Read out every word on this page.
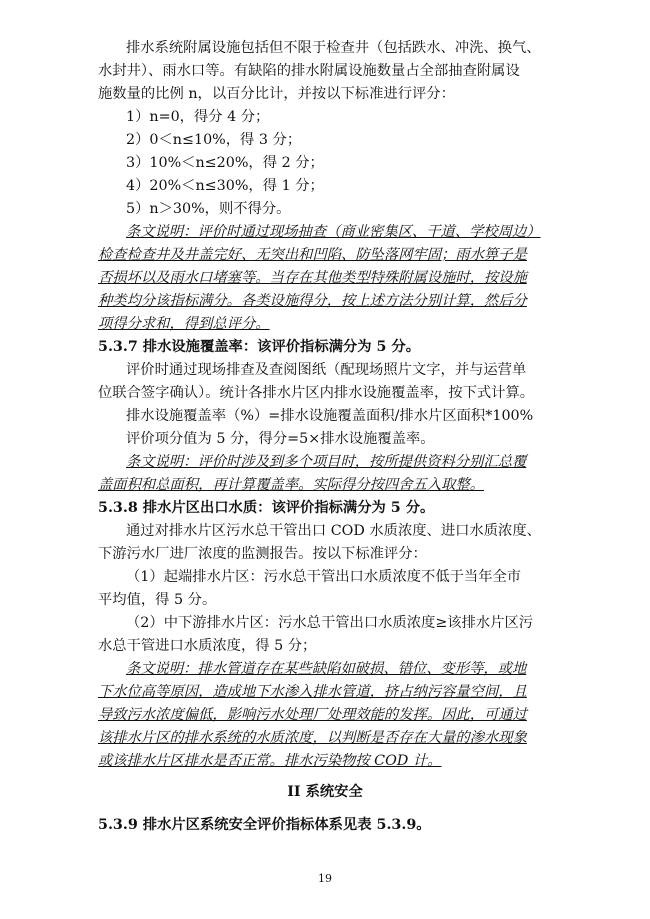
排水系统附属设施包括但不限于检查井（包括跌水、冲洗、换气、
水封井）、雨水口等。有缺陷的排水附属设施数量占全部抽查附属设
施数量的比例 n，以百分比计，并按以下标准进行评分：
1）n=0，得分 4 分；
2）0＜n≤10%，得 3 分；
3）10%＜n≤20%，得 2 分；
4）20%＜n≤30%，得 1 分；
5）n＞30%，则不得分。
条文说明：评价时通过现场抽查（商业密集区、干道、学校周边）
检查检查井及井盖完好、无突出和凹陷、防坠落网牢固；雨水箅子是
否损坏以及雨水口堵塞等。当存在其他类型特殊附属设施时，按设施
种类均分该指标满分。各类设施得分，按上述方法分别计算，然后分
项得分求和，得到总评分。
5.3.7 排水设施覆盖率：该评价指标满分为 5 分。
评价时通过现场排查及查阅图纸（配现场照片文字，并与运营单
位联合签字确认）。统计各排水片区内排水设施覆盖率，按下式计算。
排水设施覆盖率（%）=排水设施覆盖面积/排水片区面积*100%
评价项分值为 5 分，得分=5×排水设施覆盖率。
条文说明：评价时涉及到多个项目时，按所提供资料分别汇总覆
盖面积和总面积，再计算覆盖率。实际得分按四舍五入取整。
5.3.8 排水片区出口水质：该评价指标满分为 5 分。
通过对排水片区污水总干管出口 COD 水质浓度、进口水质浓度、
下游污水厂进厂浓度的监测报告。按以下标准评分：
（1）起端排水片区：污水总干管出口水质浓度不低于当年全市
平均值，得 5 分。
（2）中下游排水片区：污水总干管出口水质浓度≥该排水片区污
水总干管进口水质浓度，得 5 分；
条文说明：排水管道存在某些缺陷如破损、错位、变形等，或地
下水位高等原因，造成地下水渗入排水管道，挤占纳污容量空间，且
导致污水浓度偏低，影响污水处理厂处理效能的发挥。因此，可通过
该排水片区的排水系统的水质浓度，以判断是否存在大量的渗水现象
或该排水片区排水是否正常。排水污染物按 COD 计。
II 系统安全
5.3.9 排水片区系统安全评价指标体系见表 5.3.9。
19
